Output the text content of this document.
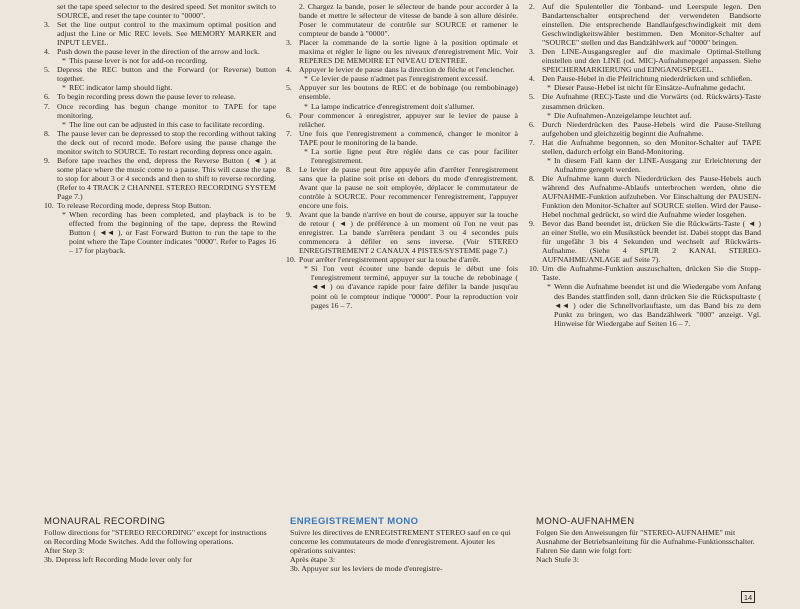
set the tape speed selector to the desired speed. Set monitor switch to SOURCE, and reset the tape counter to "0000".
3. Set the line output control to the maximum optimal position and adjust the Line or Mic REC levels. See MEMORY MARKER and INPUT LEVEL.
4. Push down the pause lever in the direction of the arrow and lock.
* This pause lever is not for add-on recording.
5. Depress the REC button and the Forward (or Reverse) button together.
* REC indicator lamp should light.
6. To begin recording press down the pause lever to release.
7. Once recording has begun change monitor to TAPE for tape monitoring.
* The line out can be adjusted in this case to facilitate recording.
8. The pause lever can be depressed to stop the recording without taking the deck out of record mode. Before using the pause change the monitor switch to SOURCE. To restart recording depress once again.
9. Before tape reaches the end, depress the Reverse Button ( ◄ ) at some place where the music come to a pause. This will cause the tape to stop for about 3 or 4 seconds and then to shift to reverse recording. (Refer to 4 TRACK 2 CHANNEL STEREO RECORDING SYSTEM Page 7.)
10. To release Recording mode, depress Stop Button.
* When recording has been completed, and playback is to be effected from the beginning of the tape, depress the Rewind Button ( ◄◄ ), or Fast Forward Button to run the tape to the point where the Tape Counter indicates "0000". Refer to Pages 16 – 17 for playback.
2. Chargez la bande, poser le sélecteur de bande pour accorder à la bande et mettre le sélecteur de vitesse de bande à son allure désirée. Poser le commutateur de contrôle sur SOURCE et ramener le compteur de bande à "0000".
3. Placer la commande de la sortie ligne à la position optimale et maxima et régler le ligne ou les niveaux d'enregistrement Mic. Voir REPERES DE MEMOIRE ET NIVEAU D'ENTREE.
4. Appuyer le levier de pause dans la direction de flèche et l'enclencher.
* Ce levier de pause n'admet pas l'enregistrement excessif.
5. Appuyer sur les boutons de REC et de bobinage (ou rembobinage) ensemble.
* La lampe indicatrice d'enregistrement doit s'allumer.
6. Pour commencer à enregistrer, appuyer sur le levier de pause à relâcher.
7. Une fois que l'enregistrement a commencé, changer le monitor à TAPE pour le monitoring de la bande.
* La sortie ligne peut être réglée dans ce cas pour faciliter l'enregistrement.
8. Le levier de pause peut être appuyée afin d'arrêter l'enregistrement sans que la platine soit prise en dehors du mode d'enregistrement. Avant que la pause ne soit employée, déplacer le commutateur de contrôle à SOURCE. Pour recommencer l'enregistrement, l'appuyer encore une fois.
9. Avant que la bande n'arrive en bout de course, appuyer sur la touche de retour ( ◄ ) de préférence à un moment où l'on ne veut pas enregistrer. La bande s'arrêtera pendant 3 ou 4 secondes puis commencera à défiler en sens inverse. (Voir STEREO ENREGISTREMENT 2 CANAUX 4 PISTES/SYSTEME page 7.)
10. Pour arrêter l'enregistrement appuyer sur la touche d'arrêt.
* Si l'on veut écouter une bande depuis le début une fois l'enregistrement terminé, appuyer sur la touche de rebobinage ( ◄◄ ) ou d'avance rapide pour faire défiler la bande jusqu'au point où le compteur indique "0000". Pour la reproduction voir pages 16 – 7.
2. Auf die Spulenteller die Tonband- und Leerspule legen. Den Bandartenschalter entsprechend der verwendeten Bandsorte einstellen. Die entsprechende Bandlaufgeschwindigkeit mit dem Geschwindigkeitswähler bestimmen. Den Monitor-Schalter auf "SOURCE" stellen und das Bandzählwerk auf "0000" bringen.
3. Den LINE-Ausgangsregler auf die maximale Optimal-Stellung einstellen und den LINE (od. MIC)-Aufnahmepegel anpassen. Siehe SPEICHERMARKIERUNG und EINGANGSPEGEL.
4. Den Pause-Hebel in die Pfeilrichtung niederdrücken und schließen.
* Dieser Pause-Hebel ist nicht für Einsätze-Aufnahme gedacht.
5. Die Aufnahme (REC)-Taste und die Vorwärts (od. Rückwärts)-Taste zusammen drücken.
* Die Aufnahmen-Anzeigelampe leuchtet auf.
6. Durch Niederdrücken des Pause-Hebels wird die Pause-Stellung aufgehoben und gleichzeitig beginnt die Aufnahme.
7. Hat die Aufnahme begonnen, so den Monitor-Schalter auf TAPE stellen, dadurch erfolgt ein Band-Monitoring.
* In diesem Fall kann der LINE-Ausgang zur Erleichterung der Aufnahme geregelt werden.
8. Die Aufnahme kann durch Niederdrücken des Pause-Hebels auch während des Aufnahme-Ablaufs unterbrochen werden, ohne die AUFNAHME-Funktion aufzuheben. Vor Einschaltung der PAUSEN-Funktion den Monitor-Schalter auf SOURCE stellen. Wird der Pause-Hebel nochmal gedrückt, so wird die Aufnahme wieder losgehen.
9. Bevor das Band beendet ist, drücken Sie die Rückwärts-Taste ( ◄ ) an einer Stelle, wo ein Musikstück beendet ist. Dabei stoppt das Band für ungefähr 3 bis 4 Sekunden und wechselt auf Rückwärts-Aufnahme. (Siehe 4 SPUR 2 KANAL STEREO-AUFNAHME/ANLAGE auf Seite 7).
10. Um die Aufnahme-Funktion auszuschalten, drücken Sie die Stopp-Taste.
* Wenn die Aufnahme beendet ist und die Wiedergabe vom Anfang des Bandes stattfinden soll, dann drücken Sie die Rückspultaste ( ◄◄ ) oder die Schnellvorlauftaste, um das Band bis zu dem Punkt zu bringen, wo das Bandzählwerk "000" anzeigt. Vgl. Hinweise für Wiedergabe auf Seiten 16 – 7.
MONAURAL RECORDING
Follow directions for "STEREO RECORDING" except for instructions on Recording Mode Switches. Add the following operations.
After Step 3:
3b. Depress left Recording Mode lever only for
ENREGISTREMENT MONO
Suivre les directives de ENREGISTREMENT STEREO sauf en ce qui concerne les commutateurs de mode d'enregistrement. Ajouter les opérations suivantes:
Après étape 3:
3b. Appuyer sur les leviers de mode d'enregistre-
MONO-AUFNAHMEN
Folgen Sie den Anweisungen für "STEREO-AUFNAHME" mit Ausnahme der Betriebsanleitung für die Aufnahme-Funktionsschalter. Fahren Sie dann wie folgt fort:
Nach Stufe 3:
14
